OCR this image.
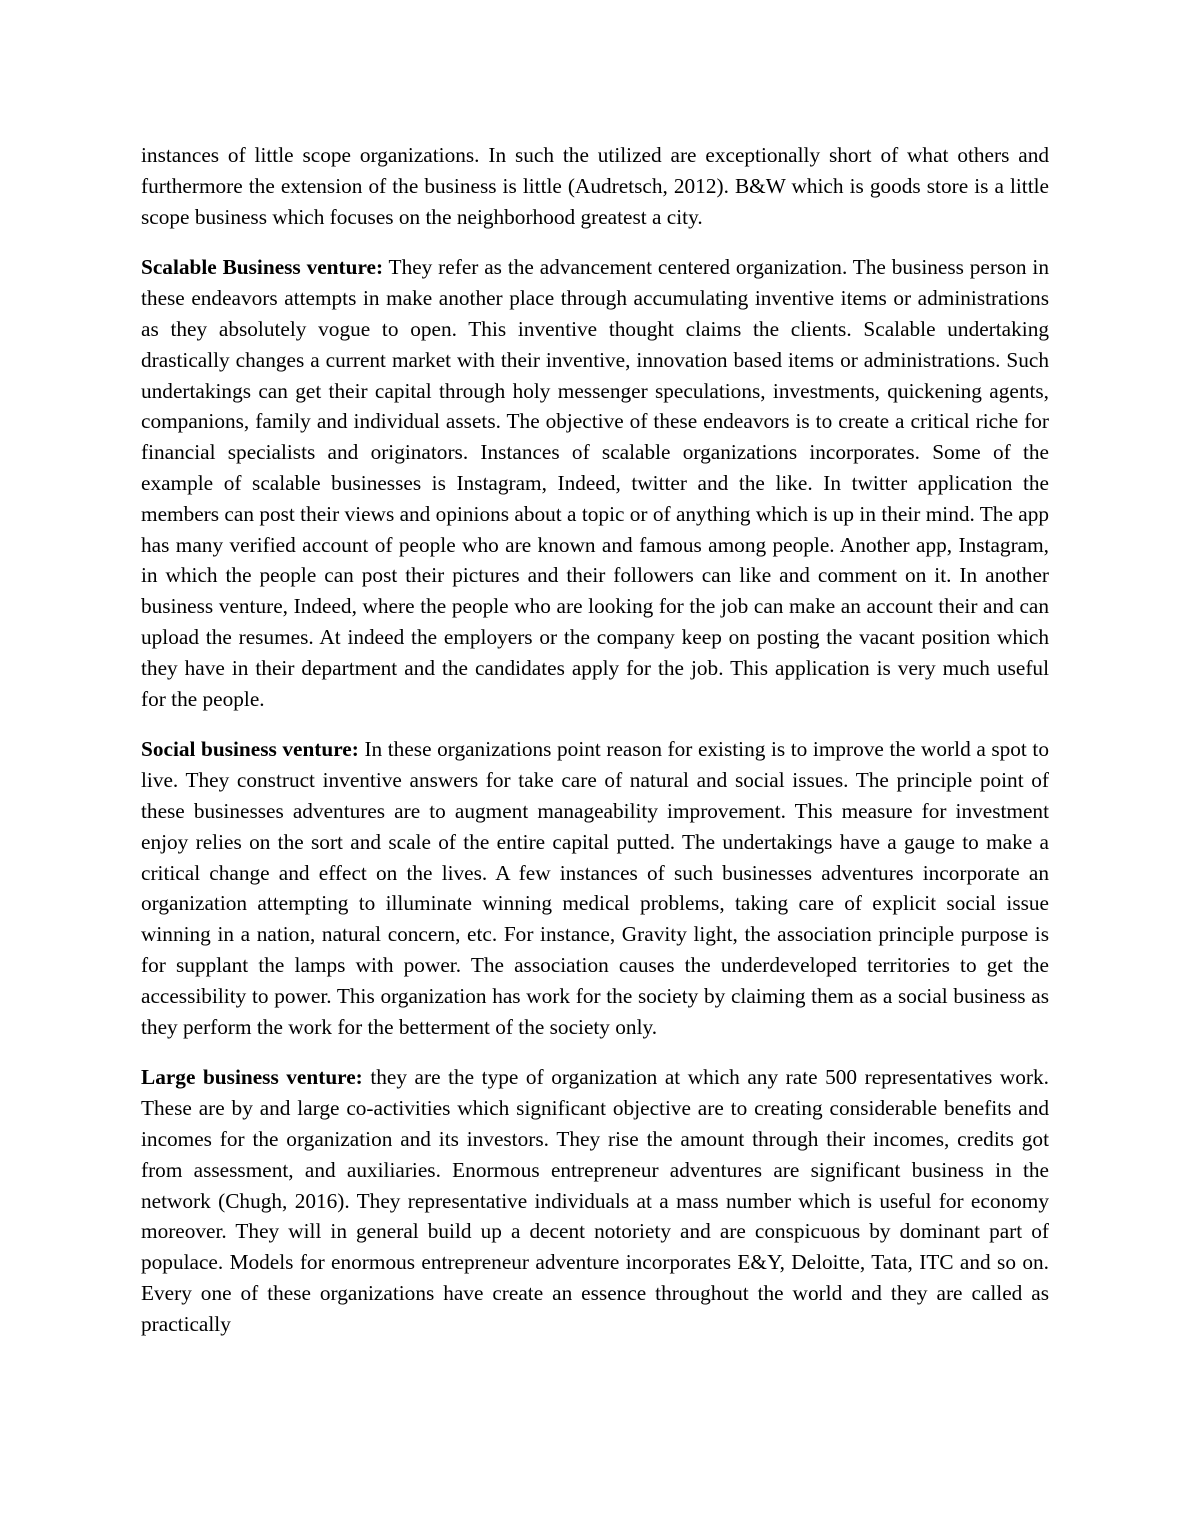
instances of little scope organizations. In such the utilized are exceptionally short of what others and furthermore the extension of the business is little (Audretsch, 2012). B&W which is goods store is a little scope business which focuses on the neighborhood greatest a city.

Scalable Business venture: They refer as the advancement centered organization. The business person in these endeavors attempts in make another place through accumulating inventive items or administrations as they absolutely vogue to open. This inventive thought claims the clients. Scalable undertaking drastically changes a current market with their inventive, innovation based items or administrations. Such undertakings can get their capital through holy messenger speculations, investments, quickening agents, companions, family and individual assets. The objective of these endeavors is to create a critical riche for financial specialists and originators. Instances of scalable organizations incorporates. Some of the example of scalable businesses is Instagram, Indeed, twitter and the like. In twitter application the members can post their views and opinions about a topic or of anything which is up in their mind. The app has many verified account of people who are known and famous among people. Another app, Instagram, in which the people can post their pictures and their followers can like and comment on it. In another business venture, Indeed, where the people who are looking for the job can make an account their and can upload the resumes. At indeed the employers or the company keep on posting the vacant position which they have in their department and the candidates apply for the job. This application is very much useful for the people.

Social business venture: In these organizations point reason for existing is to improve the world a spot to live. They construct inventive answers for take care of natural and social issues. The principle point of these businesses adventures are to augment manageability improvement. This measure for investment enjoy relies on the sort and scale of the entire capital putted. The undertakings have a gauge to make a critical change and effect on the lives. A few instances of such businesses adventures incorporate an organization attempting to illuminate winning medical problems, taking care of explicit social issue winning in a nation, natural concern, etc. For instance, Gravity light, the association principle purpose is for supplant the lamps with power. The association causes the underdeveloped territories to get the accessibility to power. This organization has work for the society by claiming them as a social business as they perform the work for the betterment of the society only.

Large business venture: they are the type of organization at which any rate 500 representatives work. These are by and large co-activities which significant objective are to creating considerable benefits and incomes for the organization and its investors. They rise the amount through their incomes, credits got from assessment, and auxiliaries. Enormous entrepreneur adventures are significant business in the network (Chugh, 2016). They representative individuals at a mass number which is useful for economy moreover. They will in general build up a decent notoriety and are conspicuous by dominant part of populace. Models for enormous entrepreneur adventure incorporates E&Y, Deloitte, Tata, ITC and so on. Every one of these organizations have create an essence throughout the world and they are called as practically
